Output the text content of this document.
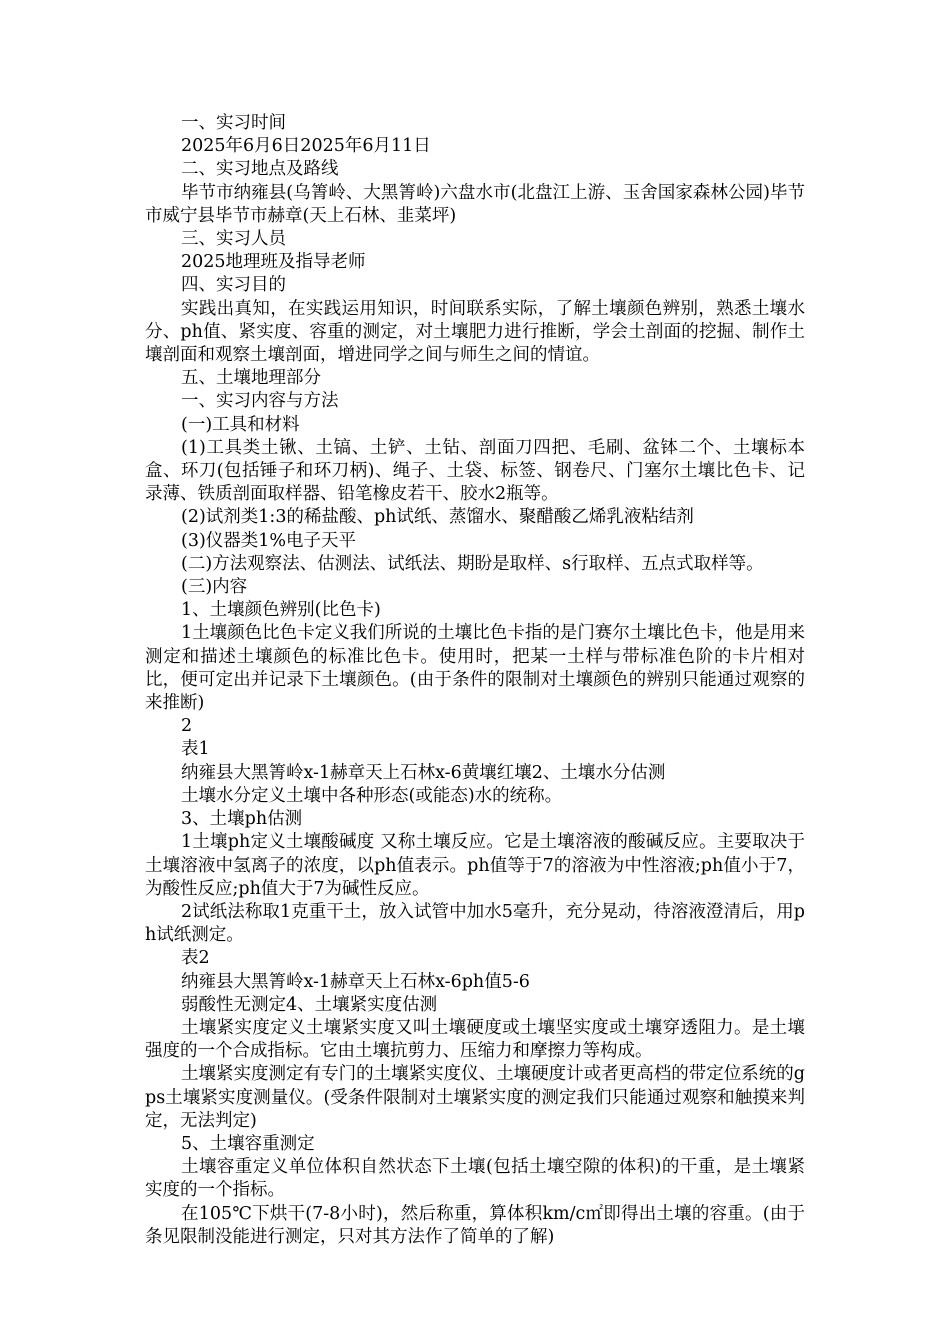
一、实习时间

2025年6月6日2025年6月11日

二、实习地点及路线

毕节市纳雍县(乌箐岭、大黑箐岭)六盘水市(北盘江上游、玉舍国家森林公园)毕节市威宁县毕节市赫章(天上石林、韭菜坪)

三、实习人员

2025地理班及指导老师

四、实习目的

实践出真知，在实践运用知识，时间联系实际，了解土壤颜色辨别，熟悉土壤水分、ph值、紧实度、容重的测定，对土壤肥力进行推断，学会土剖面的挖掘、制作土壤剖面和观察土壤剖面，增进同学之间与师生之间的情谊。

五、土壤地理部分

一、实习内容与方法

(一)工具和材料

(1)工具类土锹、土镐、土铲、土钻、剖面刀四把、毛刷、盆钵二个、土壤标本盒、环刀(包括锤子和环刀柄)、绳子、土袋、标签、钢卷尺、门塞尔土壤比色卡、记录薄、铁质剖面取样器、铅笔橡皮若干、胶水2瓶等。

(2)试剂类1:3的稀盐酸、ph试纸、蒸馏水、聚醋酸乙烯乳液粘结剂

(3)仪器类1%电子天平

(二)方法观察法、估测法、试纸法、期盼是取样、s行取样、五点式取样等。

(三)内容

1、土壤颜色辨别(比色卡)

1土壤颜色比色卡定义我们所说的土壤比色卡指的是门赛尔土壤比色卡，他是用来测定和描述土壤颜色的标准比色卡。使用时，把某一土样与带标准色阶的卡片相对比，便可定出并记录下土壤颜色。(由于条件的限制对土壤颜色的辨别只能通过观察的来推断)

2

表1

纳雍县大黑箐岭x-1赫章天上石林x-6黄壤红壤2、土壤水分估测

土壤水分定义土壤中各种形态(或能态)水的统称。

3、土壤ph估测

1土壤ph定义土壤酸碱度 又称土壤反应。它是土壤溶液的酸碱反应。主要取决于土壤溶液中氢离子的浓度，以ph值表示。ph值等于7的溶液为中性溶液;ph值小于7，为酸性反应;ph值大于7为碱性反应。

2试纸法称取1克重干土，放入试管中加水5毫升，充分晃动，待溶液澄清后，用ph试纸测定。

表2

纳雍县大黑箐岭x-1赫章天上石林x-6ph值5-6

弱酸性无测定4、土壤紧实度估测

土壤紧实度定义土壤紧实度又叫土壤硬度或土壤坚实度或土壤穿透阻力。是土壤强度的一个合成指标。它由土壤抗剪力、压缩力和摩擦力等构成。

土壤紧实度测定有专门的土壤紧实度仪、土壤硬度计或者更高档的带定位系统的gps土壤紧实度测量仪。(受条件限制对土壤紧实度的测定我们只能通过观察和触摸来判定，无法判定)

5、土壤容重测定

土壤容重定义单位体积自然状态下土壤(包括土壤空隙的体积)的干重，是土壤紧实度的一个指标。

在105℃下烘干(7-8小时)，然后称重，算体积km/c㎡即得出土壤的容重。(由于条见限制没能进行测定，只对其方法作了简单的了解)
